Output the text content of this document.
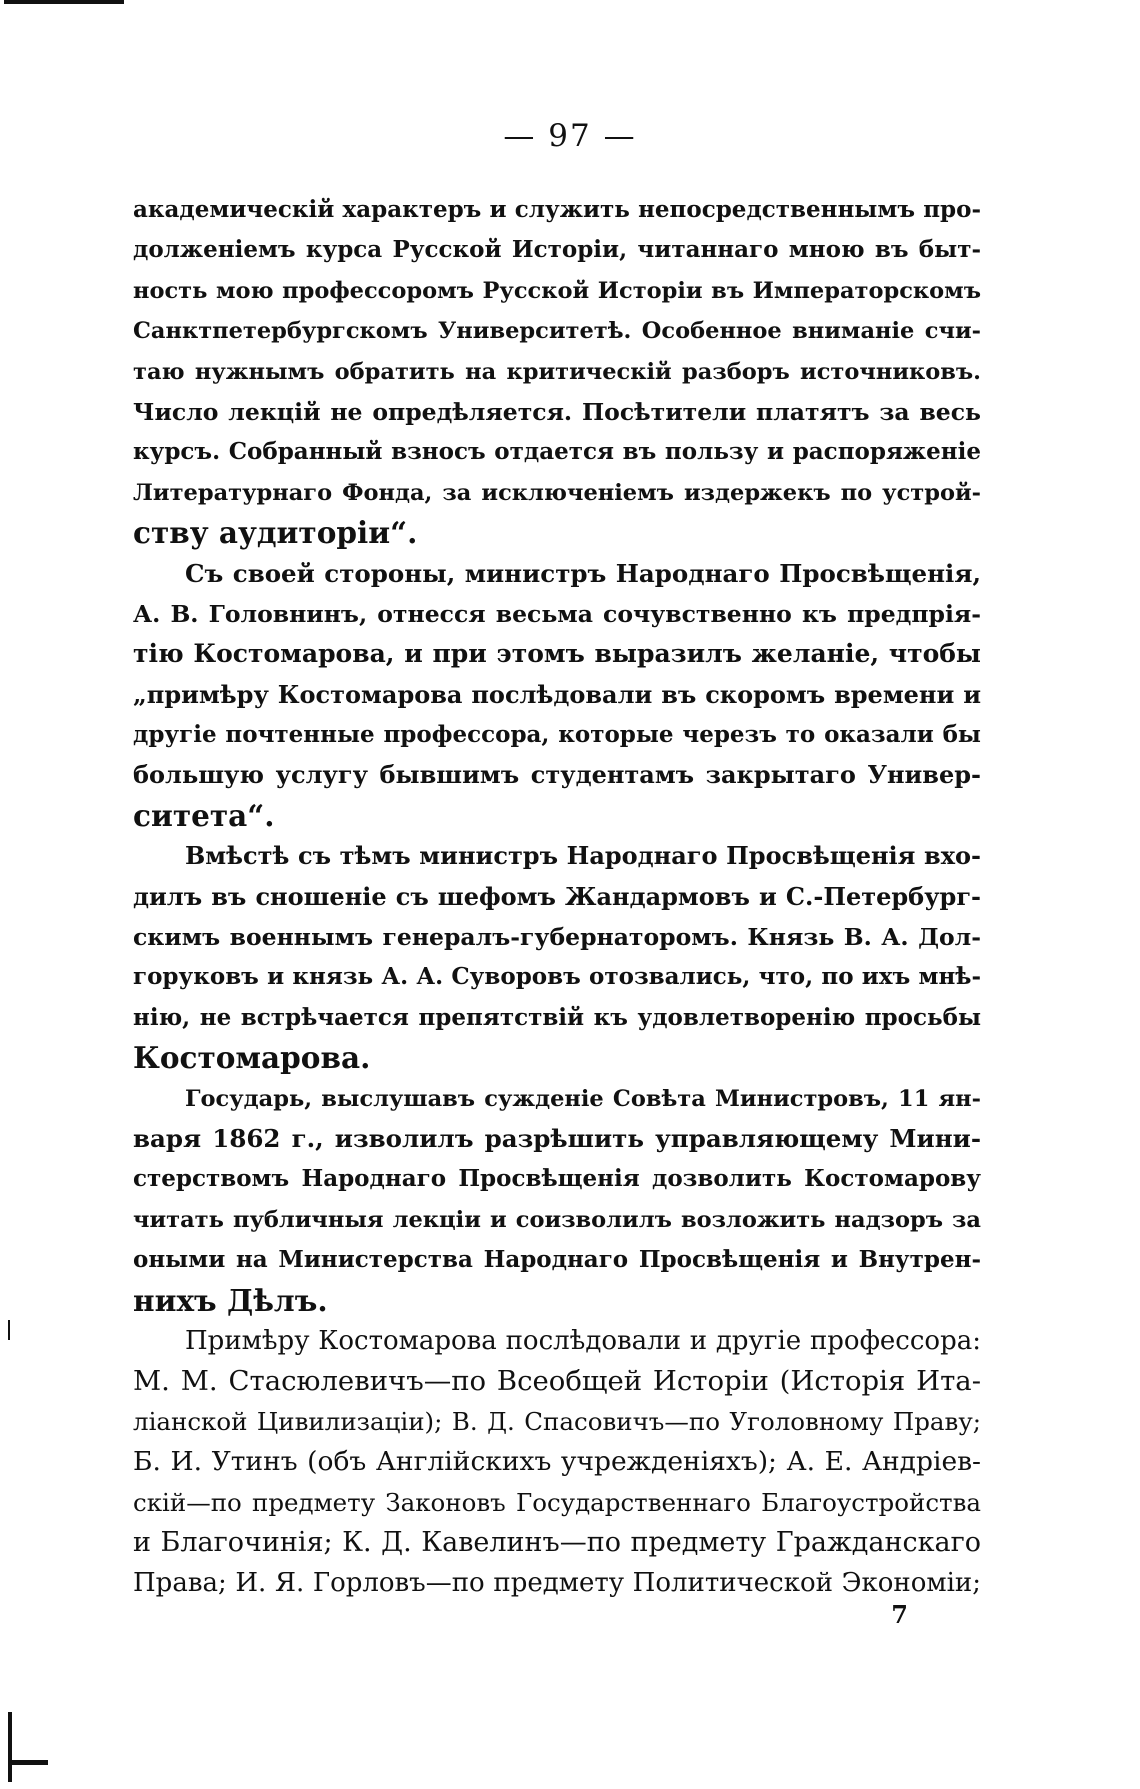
— 97 —
академическій характеръ и служить непосредственнымъ про-
долженіемъ курса Русской Исторіи, читаннаго мною въ быт-
ность мою профессоромъ Русской Исторіи въ Императорскомъ
Санктпетербургскомъ Университетѣ. Особенное вниманіе счи-
таю нужнымъ обратить на критическій разборъ источниковъ.
Число лекцій не опредѣляется. Посѣтители платятъ за весь
курсъ. Собранный взносъ отдается въ пользу и распоряженіе
Литературнаго Фонда, за исключеніемъ издержекъ по устрой-
ству аудиторіи“.
Съ своей стороны, министръ Народнаго Просвѣщенія,
А. В. Головнинъ, отнесся весьма сочувственно къ предпрія-
тію Костомарова, и при этомъ выразилъ желаніе, чтобы
„примѣру Костомарова послѣдовали въ скоромъ времени и
другіе почтенные профессора, которые черезъ то оказали бы
большую услугу бывшимъ студентамъ закрытаго Универ-
ситета“.
Вмѣстѣ съ тѣмъ министръ Народнаго Просвѣщенія вхо-
дилъ въ сношеніе съ шефомъ Жандармовъ и С.-Петербург-
скимъ военнымъ генералъ-губернаторомъ. Князь В. А. Дол-
горуковъ и князь А. А. Суворовъ отозвались, что, по ихъ мнѣ-
нію, не встрѣчается препятствій къ удовлетворенію просьбы
Костомарова.
Государь, выслушавъ сужденіе Совѣта Министровъ, 11 ян-
варя 1862 г., изволилъ разрѣшить управляющему Мини-
стерствомъ Народнаго Просвѣщенія дозволить Костомарову
читать публичныя лекціи и соизволилъ возложить надзоръ за
оными на Министерства Народнаго Просвѣщенія и Внутрен-
нихъ Дѣлъ.
Примѣру Костомарова послѣдовали и другіе профессора:
М. М. Стасюлевичъ—по Всеобщей Исторіи (Исторія Ита-
ліанской Цивилизаціи); В. Д. Спасовичъ—по Уголовному Праву;
Б. И. Утинъ (объ Англійскихъ учрежденіяхъ); А. Е. Андріев-
скій—по предмету Законовъ Государственнаго Благоустройства
и Благочинія; К. Д. Кавелинъ—по предмету Гражданскаго
Права; И. Я. Горловъ—по предмету Политической Экономіи;
7
